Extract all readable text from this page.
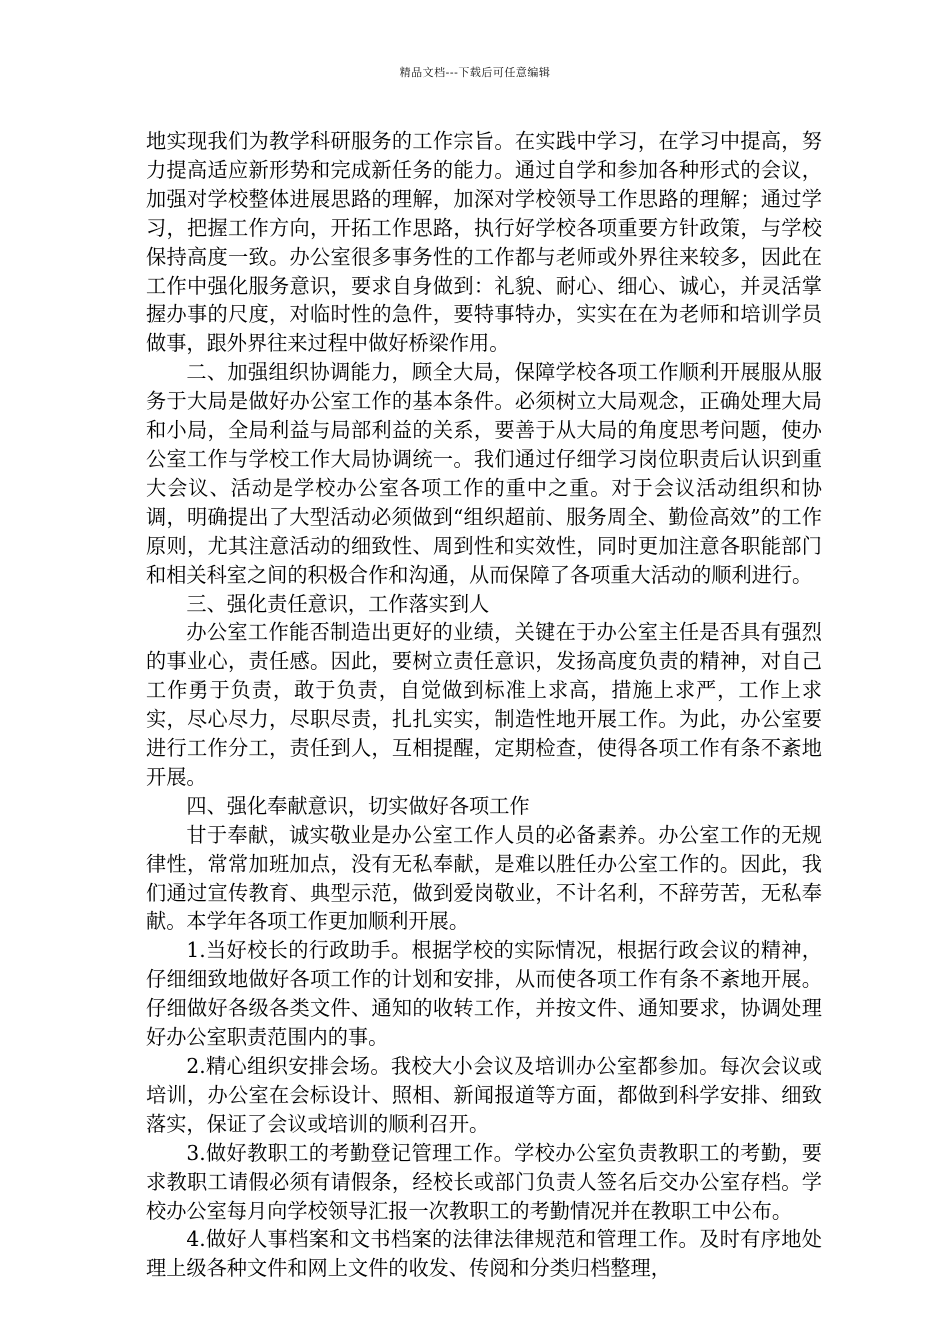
精品文档---下载后可任意编辑

地实现我们为教学科研服务的工作宗旨。在实践中学习，在学习中提高，努力提高适应新形势和完成新任务的能力。通过自学和参加各种形式的会议，加强对学校整体进展思路的理解，加深对学校领导工作思路的理解；通过学习，把握工作方向，开拓工作思路，执行好学校各项重要方针政策，与学校保持高度一致。办公室很多事务性的工作都与老师或外界往来较多，因此在工作中强化服务意识，要求自身做到：礼貌、耐心、细心、诚心，并灵活掌握办事的尺度，对临时性的急件，要特事特办，实实在在为老师和培训学员做事，跟外界往来过程中做好桥梁作用。

二、加强组织协调能力，顾全大局，保障学校各项工作顺利开展服从服务于大局是做好办公室工作的基本条件。必须树立大局观念，正确处理大局和小局，全局利益与局部利益的关系，要善于从大局的角度思考问题，使办公室工作与学校工作大局协调统一。我们通过仔细学习岗位职责后认识到重大会议、活动是学校办公室各项工作的重中之重。对于会议活动组织和协调，明确提出了大型活动必须做到“组织超前、服务周全、勤俭高效”的工作原则，尤其注意活动的细致性、周到性和实效性，同时更加注意各职能部门和相关科室之间的积极合作和沟通，从而保障了各项重大活动的顺利进行。

三、强化责任意识，工作落实到人

办公室工作能否制造出更好的业绩，关键在于办公室主任是否具有强烈的事业心，责任感。因此，要树立责任意识，发扬高度负责的精神，对自己工作勇于负责，敢于负责，自觉做到标准上求高，措施上求严，工作上求实，尽心尽力，尽职尽责，扎扎实实，制造性地开展工作。为此，办公室要进行工作分工，责任到人，互相提醒，定期检查，使得各项工作有条不紊地开展。

四、强化奉献意识，切实做好各项工作

甘于奉献，诚实敬业是办公室工作人员的必备素养。办公室工作的无规律性，常常加班加点，没有无私奉献，是难以胜任办公室工作的。因此，我们通过宣传教育、典型示范，做到爱岗敬业，不计名利，不辞劳苦，无私奉献。本学年各项工作更加顺利开展。

1.当好校长的行政助手。根据学校的实际情况，根据行政会议的精神，仔细细致地做好各项工作的计划和安排，从而使各项工作有条不紊地开展。仔细做好各级各类文件、通知的收转工作，并按文件、通知要求，协调处理好办公室职责范围内的事。

2.精心组织安排会场。我校大小会议及培训办公室都参加。每次会议或培训，办公室在会标设计、照相、新闻报道等方面，都做到科学安排、细致落实，保证了会议或培训的顺利召开。

3.做好教职工的考勤登记管理工作。学校办公室负责教职工的考勤，要求教职工请假必须有请假条，经校长或部门负责人签名后交办公室存档。学校办公室每月向学校领导汇报一次教职工的考勤情况并在教职工中公布。

4.做好人事档案和文书档案的法律法律规范和管理工作。及时有序地处理上级各种文件和网上文件的收发、传阅和分类归档整理，
